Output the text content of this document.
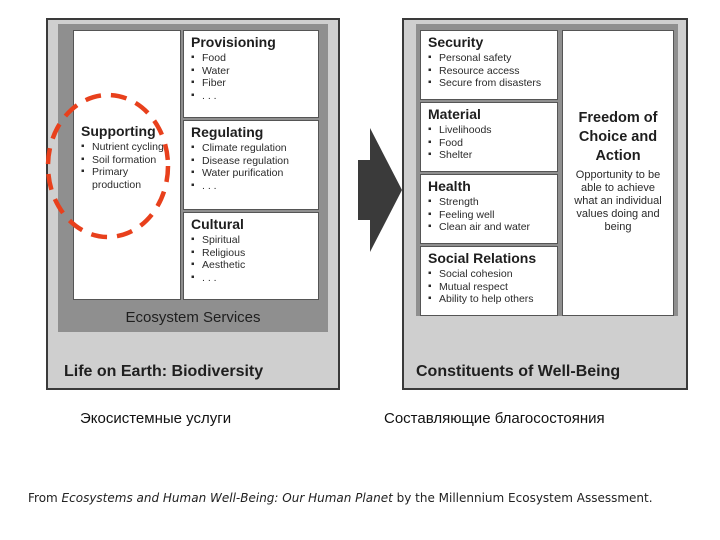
Supporting
▪ Nutrient cycling
▪ Soil formation
▪ Primary production
Provisioning
▪ Food
▪ Water
▪ Fiber
▪ . . .
Regulating
▪ Climate regulation
▪ Disease regulation
▪ Water purification
▪ . . .
Cultural
▪ Spiritual
▪ Religious
▪ Aesthetic
▪ . . .
Ecosystem Services
Life on Earth: Biodiversity
Security
▪ Personal safety
▪ Resource access
▪ Secure from disasters
Material
▪ Livelihoods
▪ Food
▪ Shelter
Health
▪ Strength
▪ Feeling well
▪ Clean air and water
Social Relations
▪ Social cohesion
▪ Mutual respect
▪ Ability to help others
Freedom of Choice and Action
Opportunity to be able to achieve what an individual values doing and being
Constituents of Well-Being
Экосистемные услуги	Составляющие благосостояния
From Ecosystems and Human Well-Being: Our Human Planet by the Millennium Ecosystem Assessment.
